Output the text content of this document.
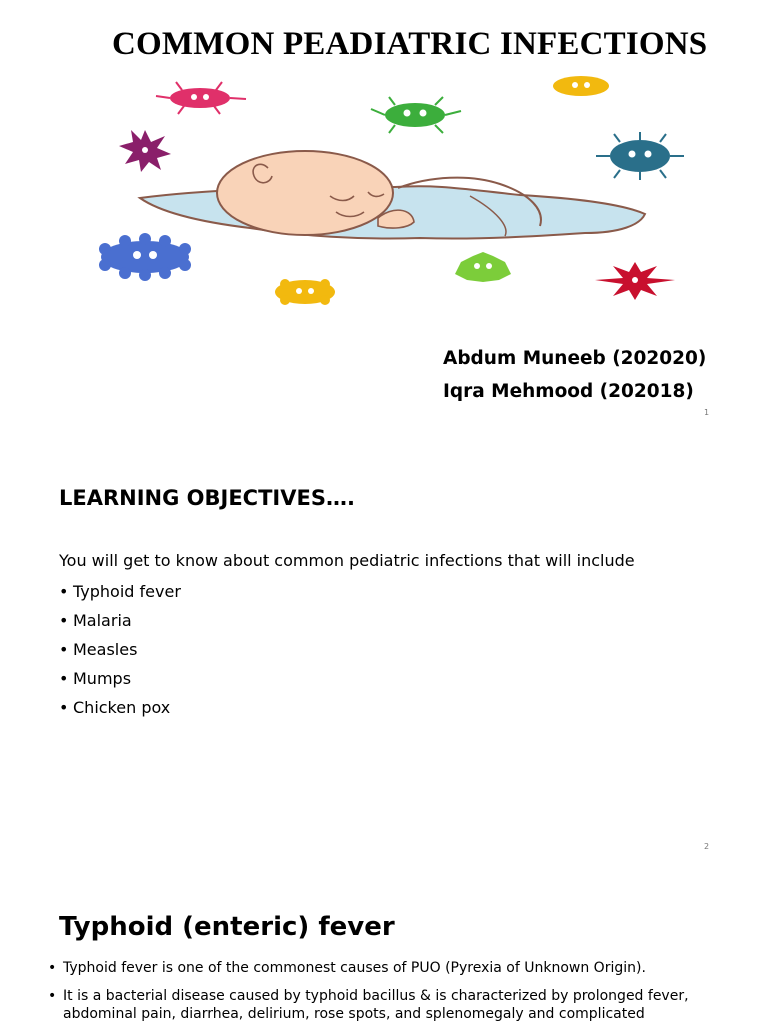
COMMON PEADIATRIC INFECTIONS
Abdum Muneeb (202020)
Iqra Mehmood (202018)
1
LEARNING OBJECTIVES….
You will get to know about common pediatric infections that will include
• Typhoid fever
• Malaria
• Measles
• Mumps
• Chicken pox
2
Typhoid (enteric) fever
• Typhoid fever is one of the commonest causes of PUO (Pyrexia of Unknown Origin).
• It is a bacterial disease caused by typhoid bacillus & is characterized by prolonged fever, abdominal pain, diarrhea, delirium, rose spots, and splenomegaly and complicated
